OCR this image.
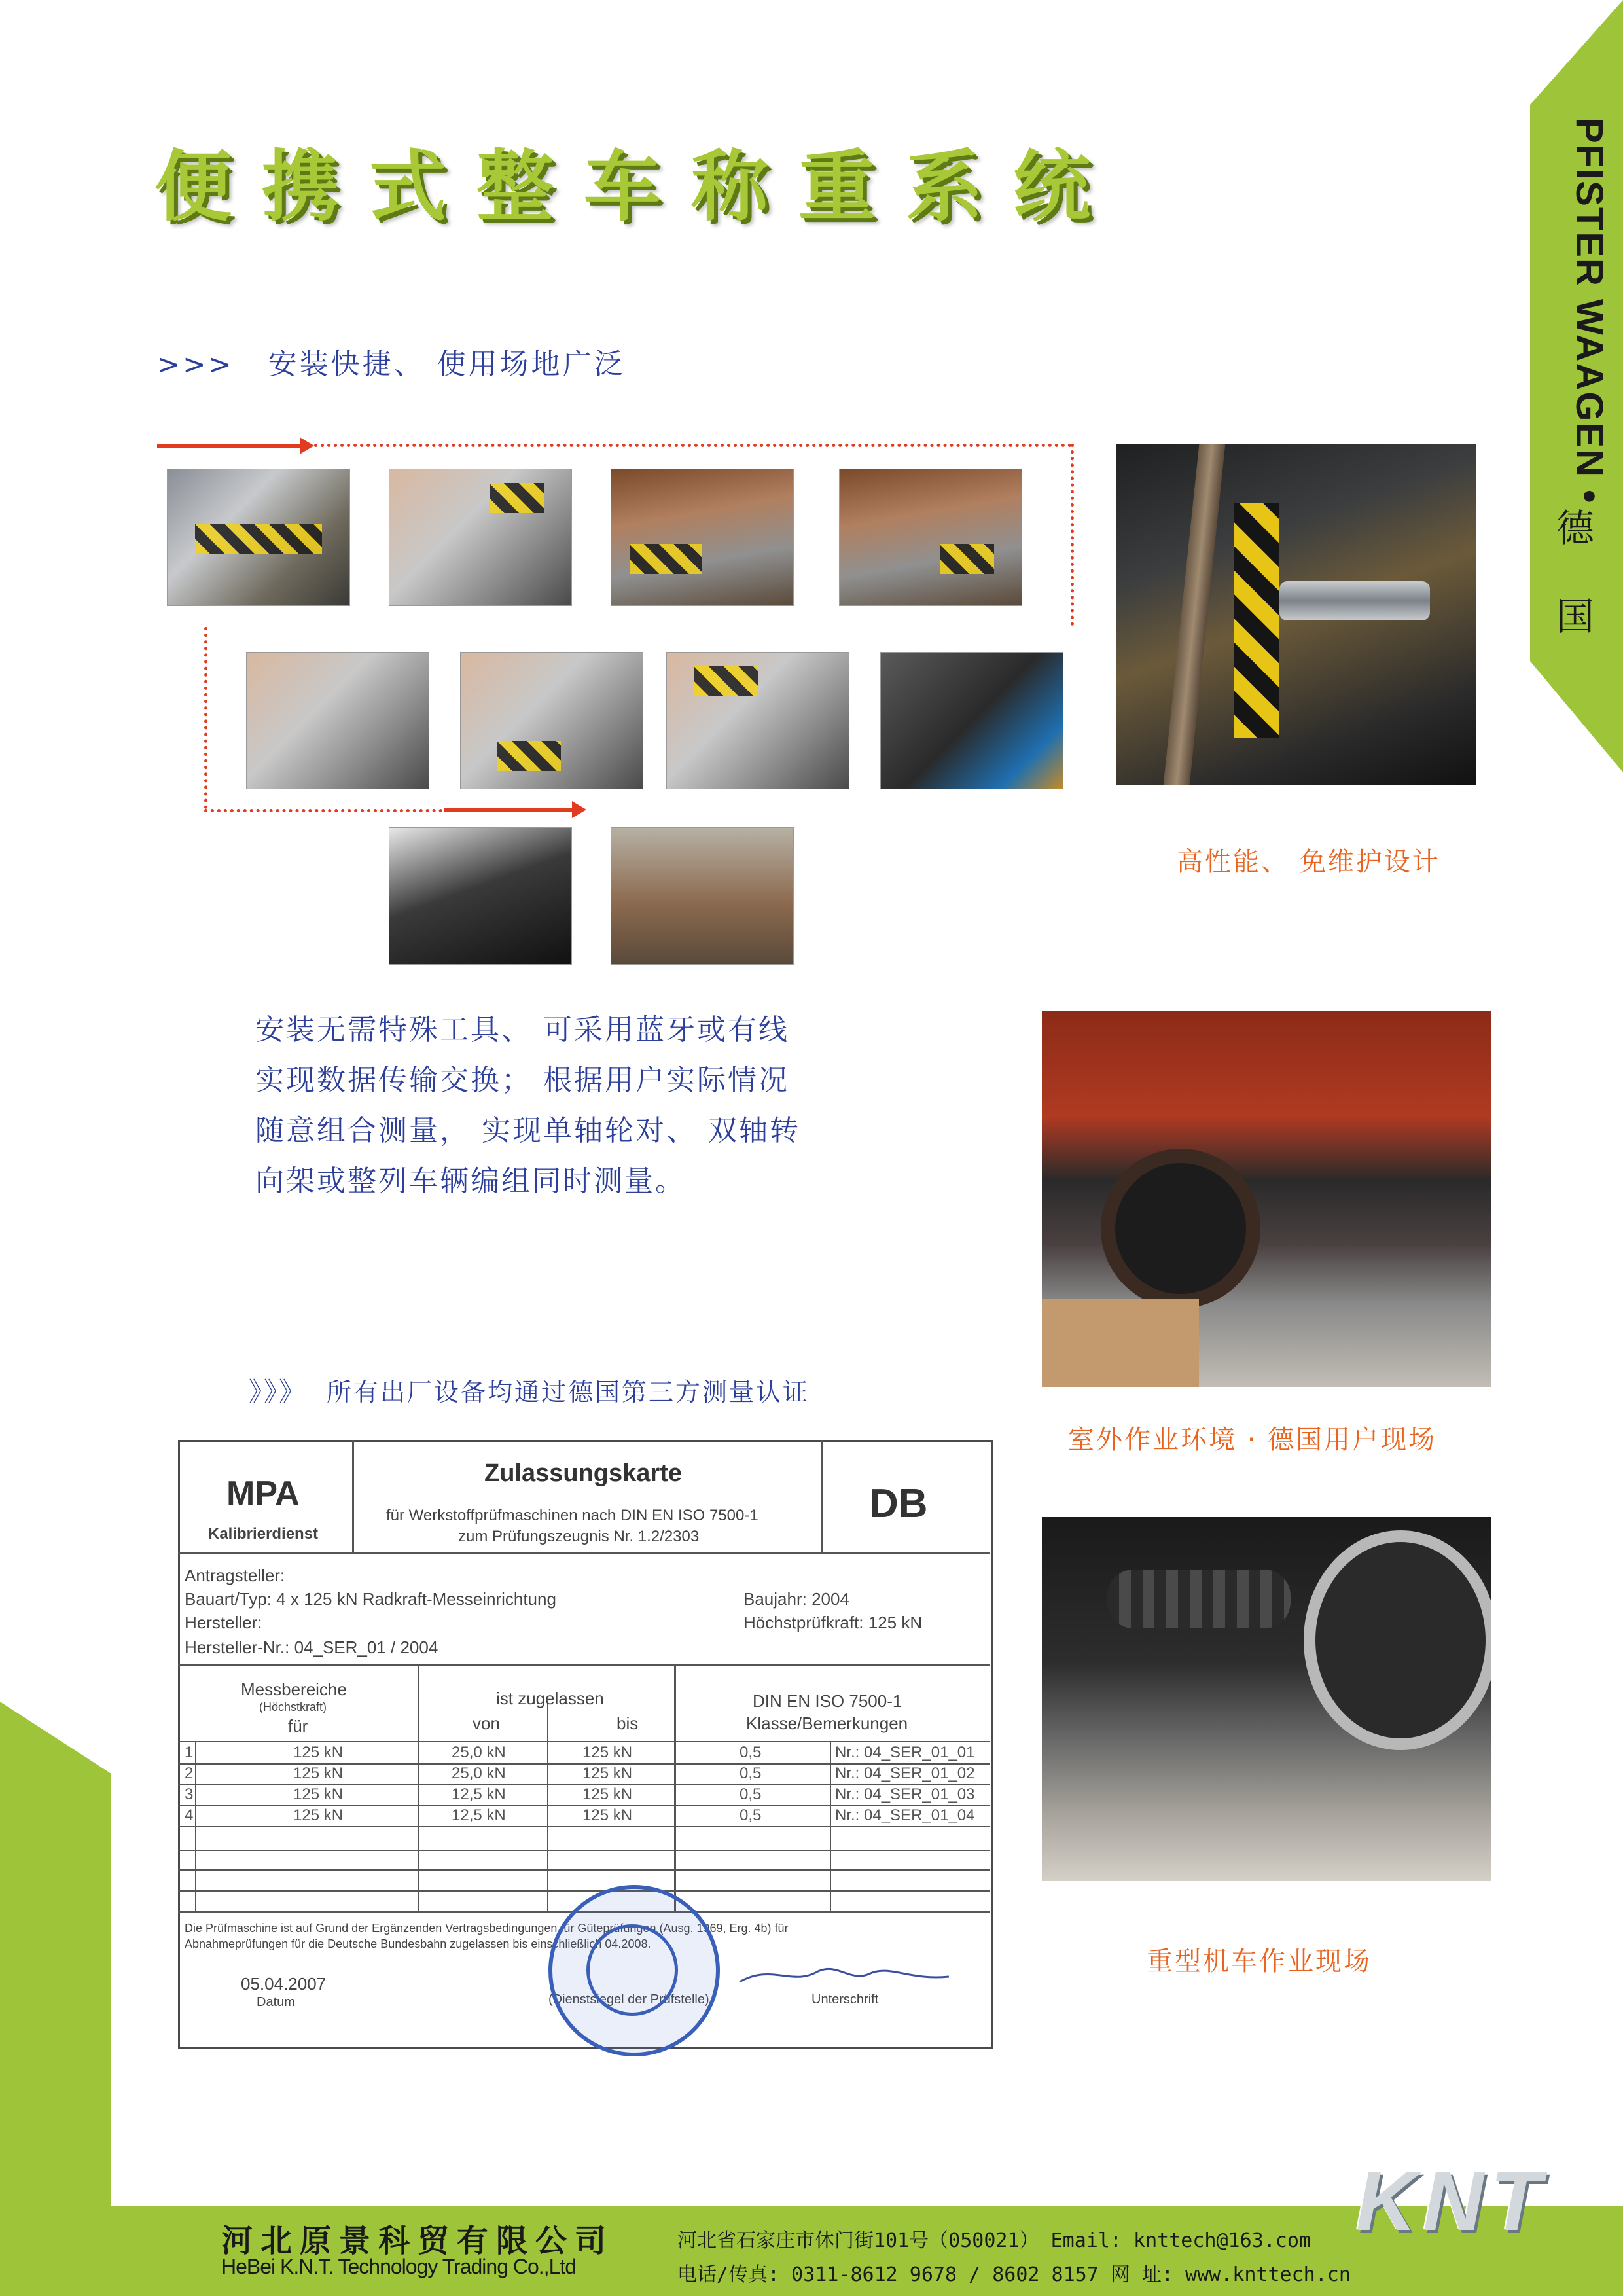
PFISTER WAAGEN •
德
国
便携式整车称重系统
>>> 安装快捷、 使用场地广泛
高性能、 免维护设计
安装无需特殊工具、 可采用蓝牙或有线
实现数据传输交换； 根据用户实际情况
随意组合测量， 实现单轴轮对、 双轴转
向架或整列车辆编组同时测量。
室外作业环境 · 德国用户现场
重型机车作业现场
》》》 所有出厂设备均通过德国第三方测量认证
MPA
Kalibrierdienst
Zulassungskarte
für Werkstoffprüfmaschinen nach DIN EN ISO 7500-1
zum Prüfungszeugnis Nr. 1.2/2303
DB
Antragsteller:
Bauart/Typ: 4 x 125 kN Radkraft-Messeinrichtung
Hersteller:
Hersteller-Nr.: 04_SER_01 / 2004
Baujahr: 2004
Höchstprüfkraft: 125 kN
Messbereiche
(Höchstkraft)
für
ist zugelassen
von	bis
DIN EN ISO 7500-1
Klasse/Bemerkungen
1	125 kN	25,0 kN	125 kN	0,5	Nr.: 04_SER_01_01
2	125 kN	25,0 kN	125 kN	0,5	Nr.: 04_SER_01_02
3	125 kN	12,5 kN	125 kN	0,5	Nr.: 04_SER_01_03
4	125 kN	12,5 kN	125 kN	0,5	Nr.: 04_SER_01_04
Die Prüfmaschine ist auf Grund der Ergänzenden Vertragsbedingungen für Güteprüfungen (Ausg. 1969, Erg. 4b) für
Abnahmeprüfungen für die Deutsche Bundesbahn zugelassen bis einschließlich 04.2008.
05.04.2007
Datum	(Dienstsiegel der Prüfstelle)	Unterschrift
河北原景科贸有限公司
HeBei K.N.T. Technology Trading Co.,Ltd
河北省石家庄市休门街101号（050021） Email: knttech@163.com
电话/传真: 0311-8612 9678 / 8602 8157 网 址: www.knttech.cn
KNT
